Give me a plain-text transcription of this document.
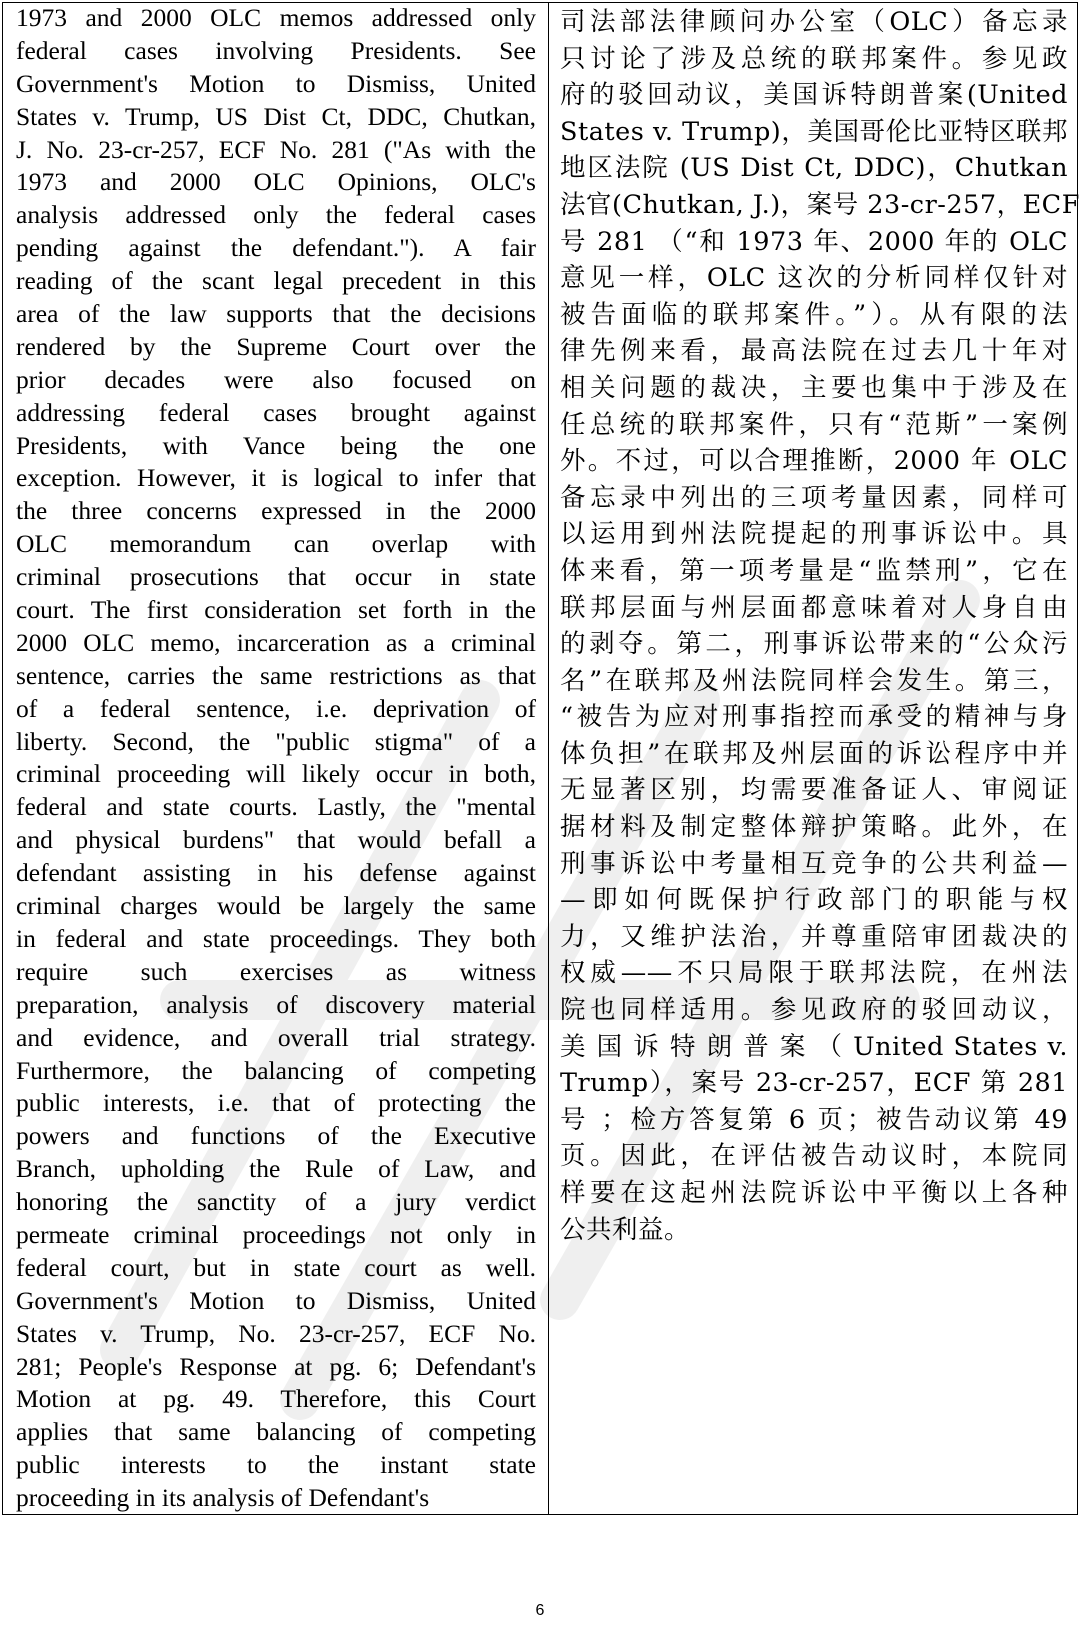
1973 and 2000 OLC memos addressed only
federal cases involving Presidents. See
Government's Motion to Dismiss, United
States v. Trump, US Dist Ct, DDC, Chutkan,
J. No. 23-cr-257, ECF No. 281 ("As with the
1973 and 2000 OLC Opinions, OLC's
analysis addressed only the federal cases
pending against the defendant."). A fair
reading of the scant legal precedent in this
area of the law supports that the decisions
rendered by the Supreme Court over the
prior decades were also focused on
addressing federal cases brought against
Presidents, with Vance being the one
exception. However, it is logical to infer that
the three concerns expressed in the 2000
OLC memorandum can overlap with
criminal prosecutions that occur in state
court. The first consideration set forth in the
2000 OLC memo, incarceration as a criminal
sentence, carries the same restrictions as that
of a federal sentence, i.e. deprivation of
liberty. Second, the "public stigma" of a
criminal proceeding will likely occur in both,
federal and state courts. Lastly, the "mental
and physical burdens" that would befall a
defendant assisting in his defense against
criminal charges would be largely the same
in federal and state proceedings. They both
require such exercises as witness
preparation, analysis of discovery material
and evidence, and overall trial strategy.
Furthermore, the balancing of competing
public interests, i.e. that of protecting the
powers and functions of the Executive
Branch, upholding the Rule of Law, and
honoring the sanctity of a jury verdict
permeate criminal proceedings not only in
federal court, but in state court as well.
Government's Motion to Dismiss, United
States v. Trump, No. 23-cr-257, ECF No.
281; People's Response at pg. 6; Defendant's
Motion at pg. 49. Therefore, this Court
applies that same balancing of competing
public interests to the instant state
proceeding in its analysis of Defendant's
司法部法律顾问办公室（OLC）备忘录
只讨论了涉及总统的联邦案件。参见政
府的驳回动议，美国诉特朗普案(United
States v. Trump)，美国哥伦比亚特区联邦
地区法院 (US Dist Ct, DDC)，Chutkan
法官(Chutkan, J.)，案号 23-cr-257，ECF
号 281 （“和 1973 年、2000 年的 OLC
意见一样，OLC 这次的分析同样仅针对
被告面临的联邦案件。”）。从有限的法
律先例来看，最高法院在过去几十年对
相关问题的裁决，主要也集中于涉及在
任总统的联邦案件，只有“范斯”一案例
外。不过，可以合理推断，2000 年 OLC
备忘录中列出的三项考量因素，同样可
以运用到州法院提起的刑事诉讼中。具
体来看，第一项考量是“监禁刑”，它在
联邦层面与州层面都意味着对人身自由
的剥夺。第二，刑事诉讼带来的“公众污
名”在联邦及州法院同样会发生。第三，
“被告为应对刑事指控而承受的精神与身
体负担”在联邦及州层面的诉讼程序中并
无显著区别，均需要准备证人、审阅证
据材料及制定整体辩护策略。此外，在
刑事诉讼中考量相互竞争的公共利益—
—即如何既保护行政部门的职能与权
力，又维护法治，并尊重陪审团裁决的
权威——不只局限于联邦法院，在州法
院也同样适用。参见政府的驳回动议，
美 国 诉 特 朗 普 案 （ United States v.
Trump），案号 23-cr-257，ECF 第 281
号 ；检方答复第 6 页；被告动议第 49
页。因此，在评估被告动议时，本院同
样要在这起州法院诉讼中平衡以上各种
公共利益。
6
